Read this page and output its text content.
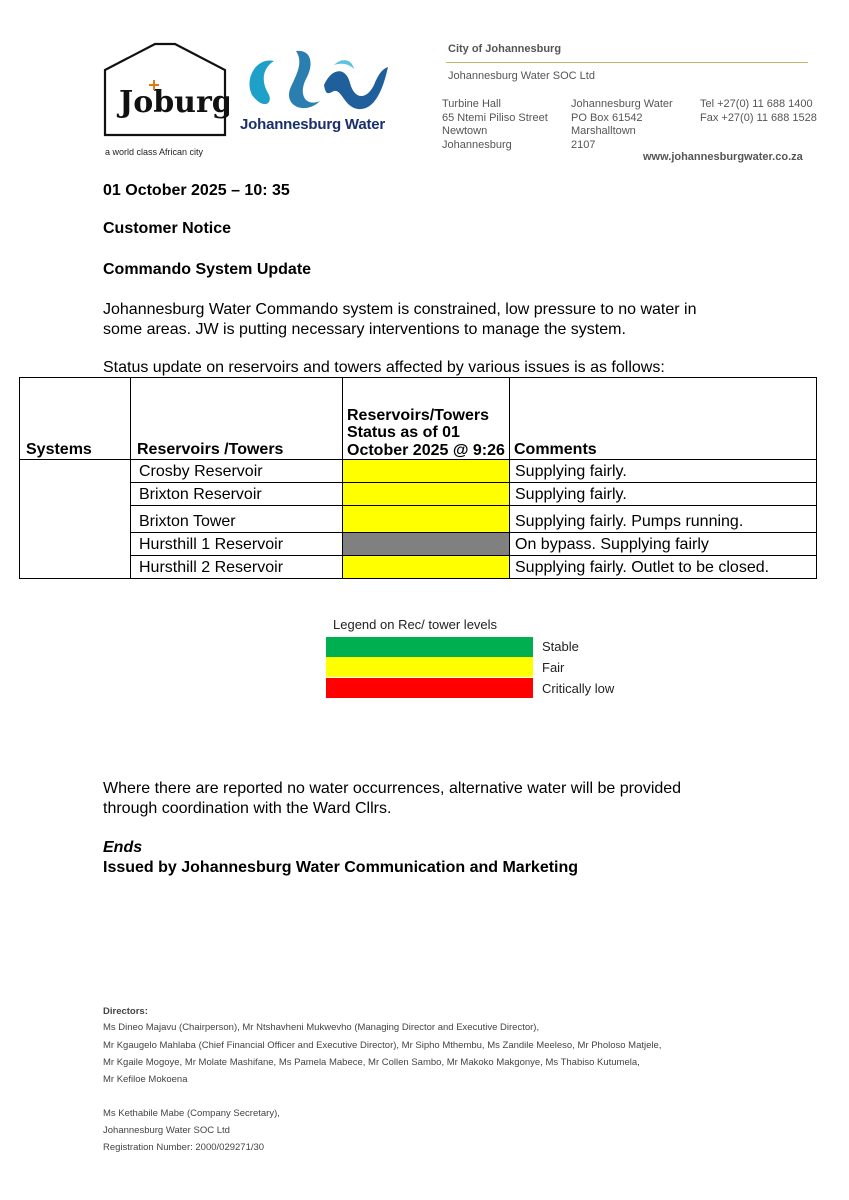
Joburg
a world class African city
Johannesburg Water
City of Johannesburg
Johannesburg Water SOC Ltd
Turbine Hall
65 Ntemi Piliso Street
Newtown
Johannesburg
Johannesburg Water
PO Box 61542
Marshalltown
2107
Tel +27(0) 11 688 1400
Fax +27(0) 11 688 1528
www.johannesburgwater.co.za
01 October 2025 – 10: 35
Customer Notice
Commando System Update
Johannesburg Water Commando system is constrained, low pressure to no water in
some areas. JW is putting necessary interventions to manage the system.
Status update on reservoirs and towers affected by various issues is as follows:
Systems	Reservoirs /Towers	Reservoirs/Towers Status as of 01 October 2025 @ 9:26	Comments
	Crosby Reservoir		Supplying fairly.
	Brixton Reservoir		Supplying fairly.
	Brixton Tower		Supplying fairly. Pumps running.
	Hursthill 1 Reservoir		On bypass. Supplying fairly
	Hursthill 2 Reservoir		Supplying fairly. Outlet to be closed.
Legend on Rec/ tower levels
Stable
Fair
Critically low
Where there are reported no water occurrences, alternative water will be provided
through coordination with the Ward Cllrs.
Ends
Issued by Johannesburg Water Communication and Marketing
Directors:
Ms Dineo Majavu (Chairperson), Mr Ntshavheni Mukwevho (Managing Director and Executive Director),
Mr Kgaugelo Mahlaba (Chief Financial Officer and Executive Director), Mr Sipho Mthembu, Ms Zandile Meeleso, Mr Pholoso Matjele,
Mr Kgaile Mogoye, Mr Molate Mashifane, Ms Pamela Mabece, Mr Collen Sambo, Mr Makoko Makgonye, Ms Thabiso Kutumela,
Mr Kefiloe Mokoena
Ms Kethabile Mabe (Company Secretary),
Johannesburg Water SOC Ltd
Registration Number: 2000/029271/30
